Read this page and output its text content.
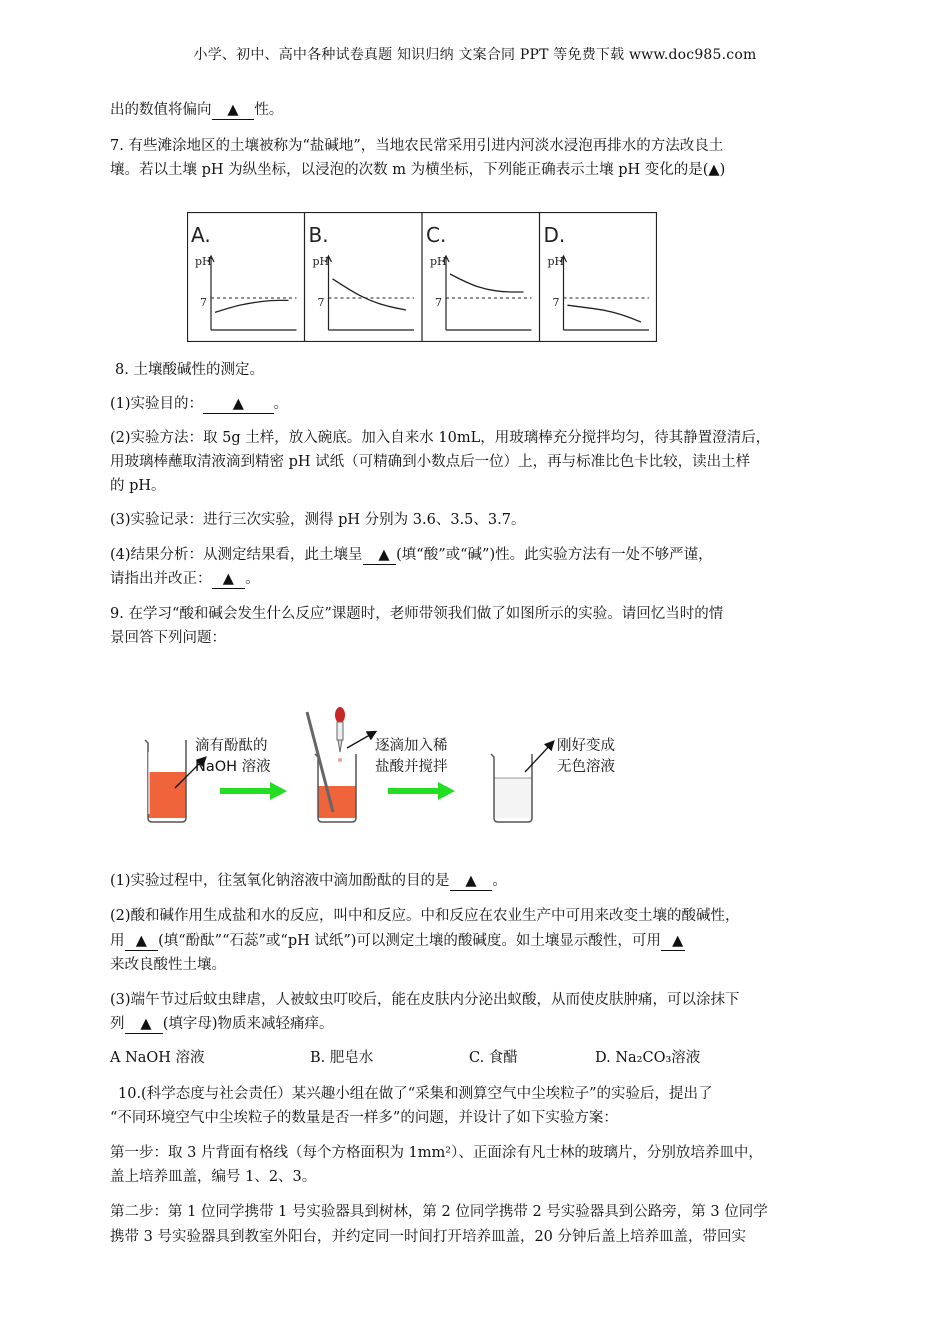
小学、初中、高中各种试卷真题 知识归纳 文案合同 PPT 等免费下载 www.doc985.com

出的数值将偏向 ▲ 性。

7. 有些滩涂地区的土壤被称为“盐碱地”，当地农民常采用引进内河淡水浸泡再排水的方法改良土

壤。若以土壤 pH 为纵坐标，以浸泡的次数 m 为横坐标，下列能正确表示土壤 pH 变化的是(▲)

A.
pH
7
B.
pH
7
C.
pH
7
D.
pH
7

8. 土壤酸碱性的测定。

(1)实验目的： ▲ 。

(2)实验方法：取 5g 土样，放入碗底。加入自来水 10mL，用玻璃棒充分搅拌均匀，待其静置澄清后，

用玻璃棒蘸取清液滴到精密 pH 试纸（可精确到小数点后一位）上，再与标准比色卡比较，读出土样

的 pH。

(3)实验记录：进行三次实验，测得 pH 分别为 3.6、3.5、3.7。

(4)结果分析：从测定结果看，此土壤呈 ▲ (填“酸”或“碱”)性。此实验方法有一处不够严谨，

请指出并改正： ▲ 。

9. 在学习“酸和碱会发生什么反应”课题时，老师带领我们做了如图所示的实验。请回忆当时的情

景回答下列问题：

滴有酚酞的
NaOH 溶液
逐滴加入稀
盐酸并搅拌
刚好变成
无色溶液

(1)实验过程中，往氢氧化钠溶液中滴加酚酞的目的是 ▲ 。

(2)酸和碱作用生成盐和水的反应，叫中和反应。中和反应在农业生产中可用来改变土壤的酸碱性，

用 ▲ (填“酚酞”“石蕊”或“pH 试纸”)可以测定土壤的酸碱度。如土壤显示酸性，可用 ▲

来改良酸性土壤。

(3)端午节过后蚊虫肆虐，人被蚊虫叮咬后，能在皮肤内分泌出蚁酸，从而使皮肤肿痛，可以涂抹下

列 ▲ (填字母)物质来减轻痛痒。

A NaOH 溶液	B. 肥皂水	C. 食醋	D. Na₂CO₃溶液

10.(科学态度与社会责任）某兴趣小组在做了“采集和测算空气中尘埃粒子”的实验后，提出了

“不同环境空气中尘埃粒子的数量是否一样多”的问题，并设计了如下实验方案：

第一步：取 3 片背面有格线（每个方格面积为 1mm²）、正面涂有凡士林的玻璃片，分别放培养皿中，

盖上培养皿盖，编号 1、2、3。

第二步：第 1 位同学携带 1 号实验器具到树林，第 2 位同学携带 2 号实验器具到公路旁，第 3 位同学

携带 3 号实验器具到教室外阳台，并约定同一时间打开培养皿盖，20 分钟后盖上培养皿盖，带回实
